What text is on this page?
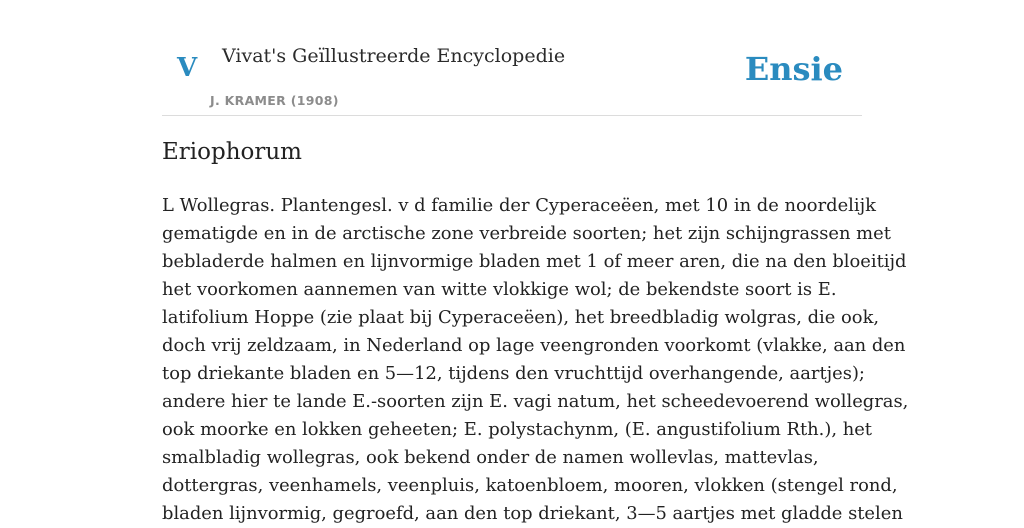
V Vivat's Geïllustreerde Encyclopedie
J. KRAMER (1908)
Ensie
Eriophorum
L Wollegras. Plantengesl. v d familie der Cyperaceëen, met 10 in de noordelijk
gematigde en in de arctische zone verbreide soorten; het zijn schijngrassen met
bebladerde halmen en lijnvormige bladen met 1 of meer aren, die na den bloeitijd
het voorkomen aannemen van witte vlokkige wol; de bekendste soort is E.
latifolium Hoppe (zie plaat bij Cyperaceëen), het breedbladig wolgras, die ook,
doch vrij zeldzaam, in Nederland op lage veengronden voorkomt (vlakke, aan den
top driekante bladen en 5—12, tijdens den vruchttijd overhangende, aartjes);
andere hier te lande E.-soorten zijn E. vagi natum, het scheedevoerend wollegras,
ook moorke en lokken geheeten; E. polystachynm, (E. angustifolium Rth.), het
smalbladig wollegras, ook bekend onder de namen wollevlas, mattevlas,
dottergras, veenhamels, veenpluis, katoenbloem, mooren, vlokken (stengel rond,
bladen lijnvormig, gegroefd, aan den top driekant, 3—5 aartjes met gladde stelen
